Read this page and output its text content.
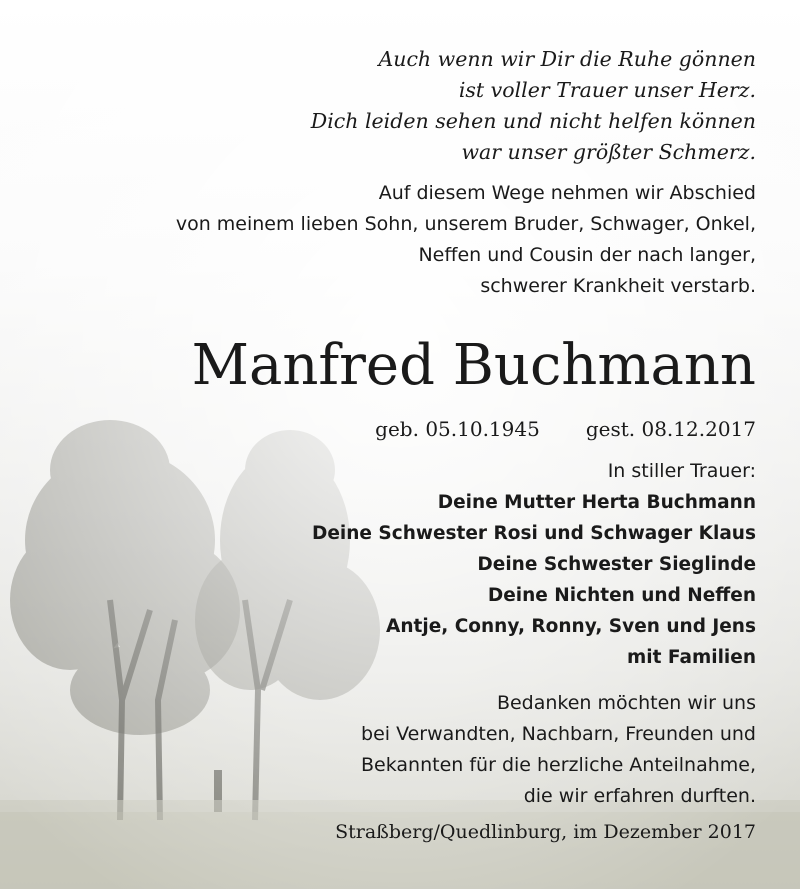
Auch wenn wir Dir die Ruhe gönnen
ist voller Trauer unser Herz.
Dich leiden sehen und nicht helfen können
war unser größter Schmerz.
Auf diesem Wege nehmen wir Abschied
von meinem lieben Sohn, unserem Bruder, Schwager, Onkel,
Neffen und Cousin der nach langer,
schwerer Krankheit verstarb.
Manfred Buchmann
geb. 05.10.1945 gest. 08.12.2017
In stiller Trauer:
Deine Mutter Herta Buchmann
Deine Schwester Rosi und Schwager Klaus
Deine Schwester Sieglinde
Deine Nichten und Neffen
Antje, Conny, Ronny, Sven und Jens
mit Familien
Bedanken möchten wir uns
bei Verwandten, Nachbarn, Freunden und
Bekannten für die herzliche Anteilnahme,
die wir erfahren durften.
Straßberg/Quedlinburg, im Dezember 2017
